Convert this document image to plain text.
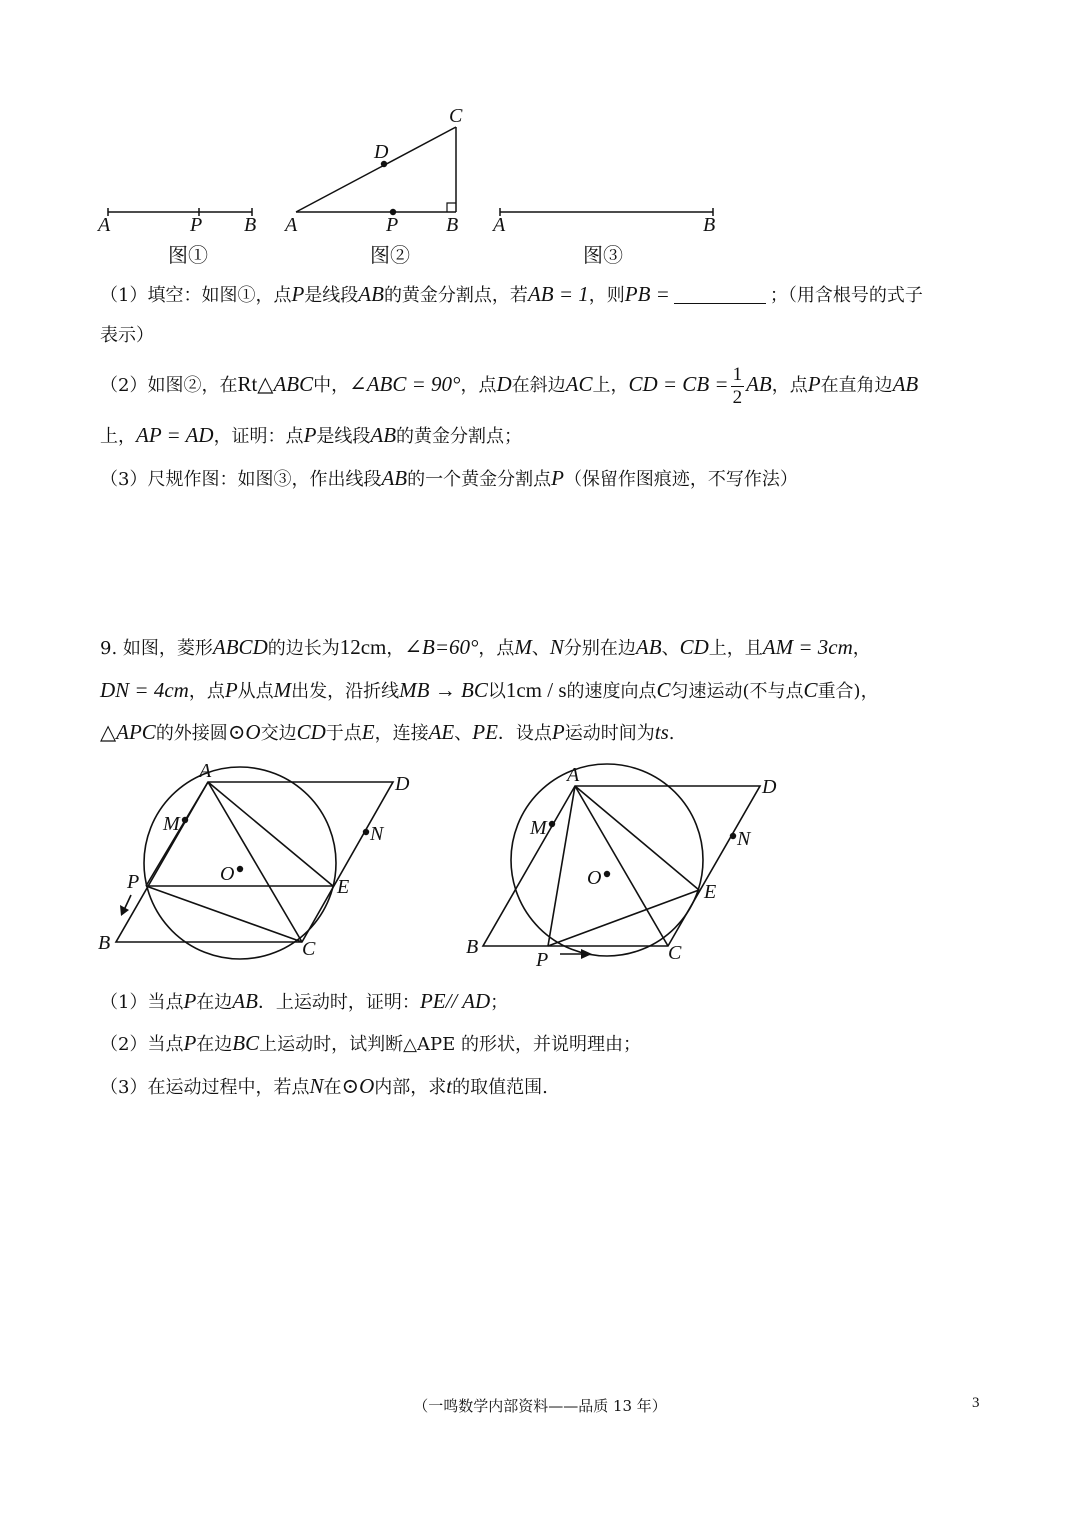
A	P B
图①
C
D
A	P B
图②
A	B
图③
（1）填空：如图①，点P是线段AB的黄金分割点，若AB = 1，则PB =	；（用含根号的式子
表示）
（2）如图②，在Rt△ABC中，∠ABC = 90°，点D在斜边AC上，CD = CB = $\frac{1}{2}$ AB，点P在直角边AB
上，AP = AD，证明：点P是线段AB的黄金分割点；
（3）尺规作图：如图③，作出线段AB的一个黄金分割点P（保留作图痕迹，不写作法）
9. 如图，菱形ABCD的边长为12cm，∠B=60°，点M、N分别在边AB、CD上，且AM = 3cm，
DN = 4cm，点P从点M出发，沿折线MB → BC以1cm / s的速度向点C匀速运动(不与点C重合)，
△APC的外接圆⊙O交边CD于点E，连接AE、PE．设点P运动时间为ts.
A
D
M	N
O
P	E
B	C
A
D
M	N
O
E
B
P	C
（1）当点P在边AB．上运动时，证明：PE// AD；
（2）当点P在边BC上运动时，试判断△APE 的形状，并说明理由；
（3）在运动过程中，若点N在⊙O内部，求t的取值范围.
（一鸣数学内部资料——品质 13 年）	3
